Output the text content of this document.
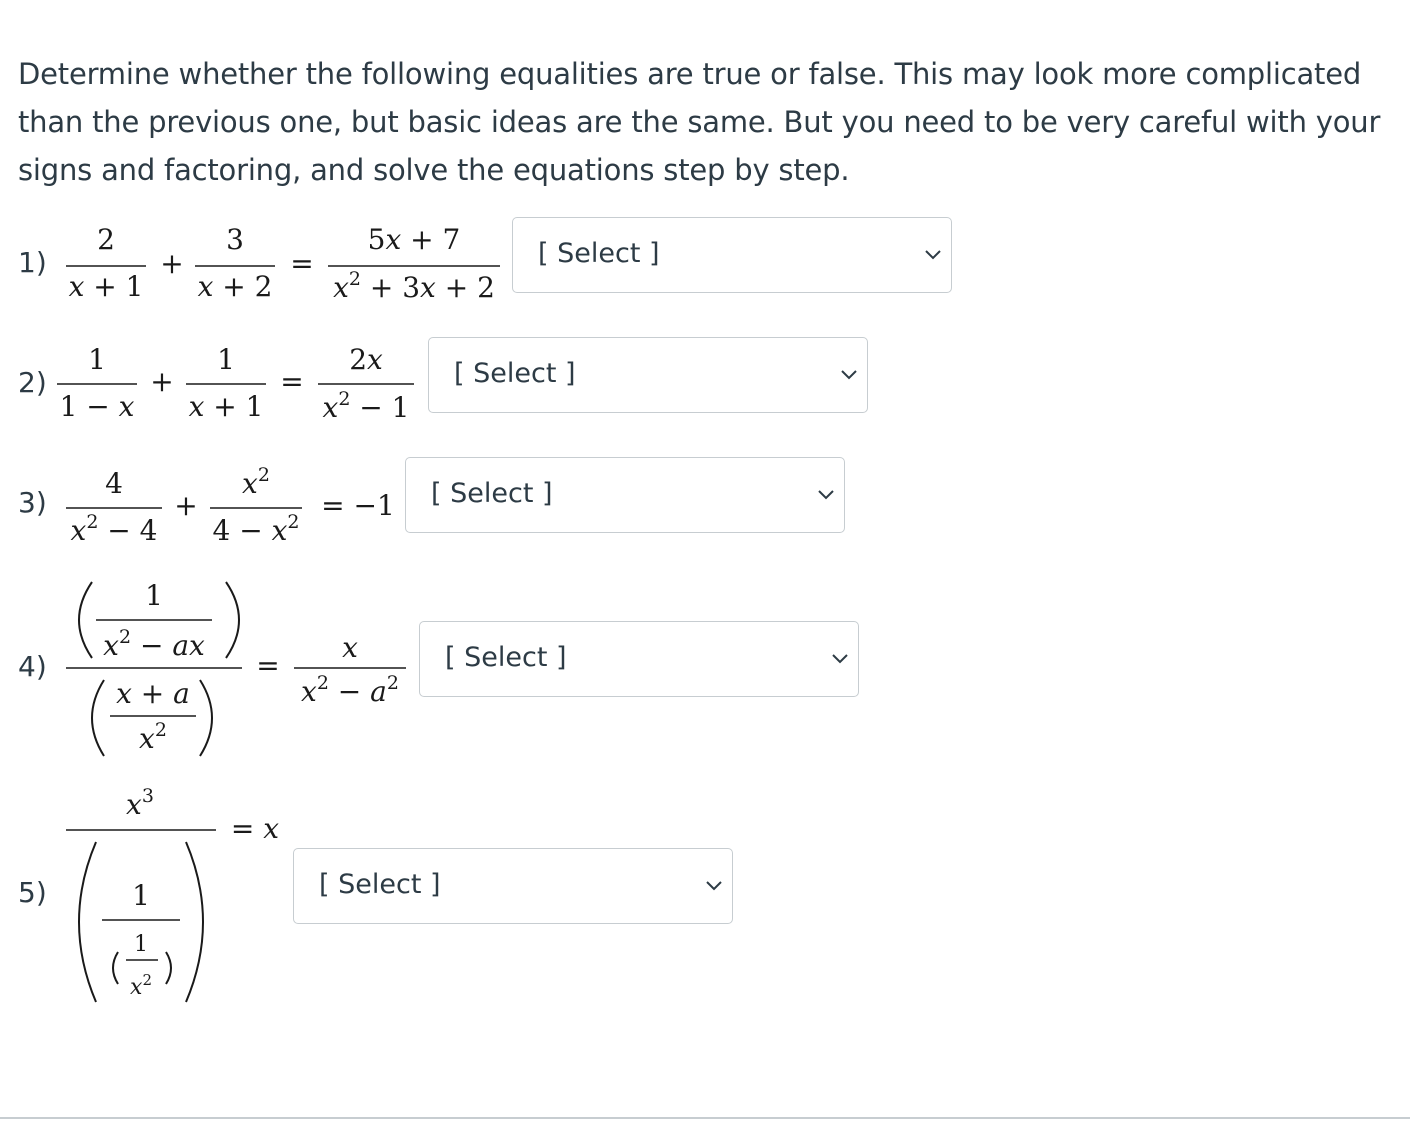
Determine whether the following equalities are true or false. This may look more complicated than the previous one, but basic ideas are the same. But you need to be very careful with your signs and factoring, and solve the equations step by step.

1)
2)
3)
4)
5)
2
x + 1
+
3
x + 2
=
5x + 7
$x^2 + 3x + 2$
1
1 − x
+
1
x + 1
=
2x
$x^2 - 1$
4
$x^2 - 4$
+
$x^2$
$4 - x^2 = -1$
1
$x^2$ − ax
x + a
$x^2$
=
x
$x^2 - a^2$
$x^3$
1
1
$x^2$
= x
[ Select ]
[ Select ]
[ Select ]
[ Select ]
[ Select ]
